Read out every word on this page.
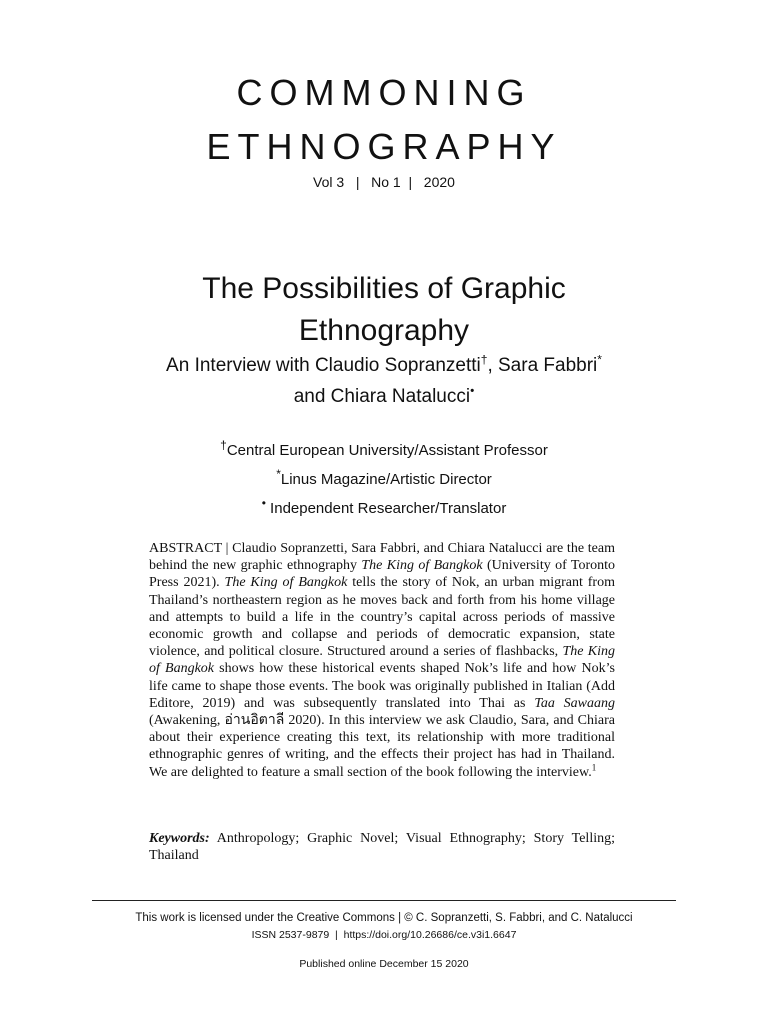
COMMONING
ETHNOGRAPHY
Vol 3   |   No 1  |   2020
The Possibilities of Graphic
Ethnography
An Interview with Claudio Sopranzetti†, Sara Fabbri*
and Chiara Natalucci•
†Central European University/Assistant Professor
*Linus Magazine/Artistic Director
• Independent Researcher/Translator
ABSTRACT | Claudio Sopranzetti, Sara Fabbri, and Chiara Natalucci are the team behind the new graphic ethnography The King of Bangkok (University of Toronto Press 2021). The King of Bangkok tells the story of Nok, an urban migrant from Thailand’s northeastern region as he moves back and forth from his home village and attempts to build a life in the country’s capital across periods of massive economic growth and collapse and periods of democratic expansion, state violence, and political closure. Structured around a series of flashbacks, The King of Bangkok shows how these historical events shaped Nok’s life and how Nok’s life came to shape those events. The book was originally published in Italian (Add Editore, 2019) and was subsequently translated into Thai as Taa Sawaang (Awakening, อ่านอิตาลี 2020). In this interview we ask Claudio, Sara, and Chiara about their experience creating this text, its relationship with more traditional ethnographic genres of writing, and the effects their project has had in Thailand. We are delighted to feature a small section of the book following the interview.$^1$
Keywords: Anthropology; Graphic Novel; Visual Ethnography; Story Telling; Thailand
This work is licensed under the Creative Commons | © C. Sopranzetti, S. Fabbri, and C. Natalucci
ISSN 2537-9879  |  https://doi.org/10.26686/ce.v3i1.6647
Published online December 15 2020
